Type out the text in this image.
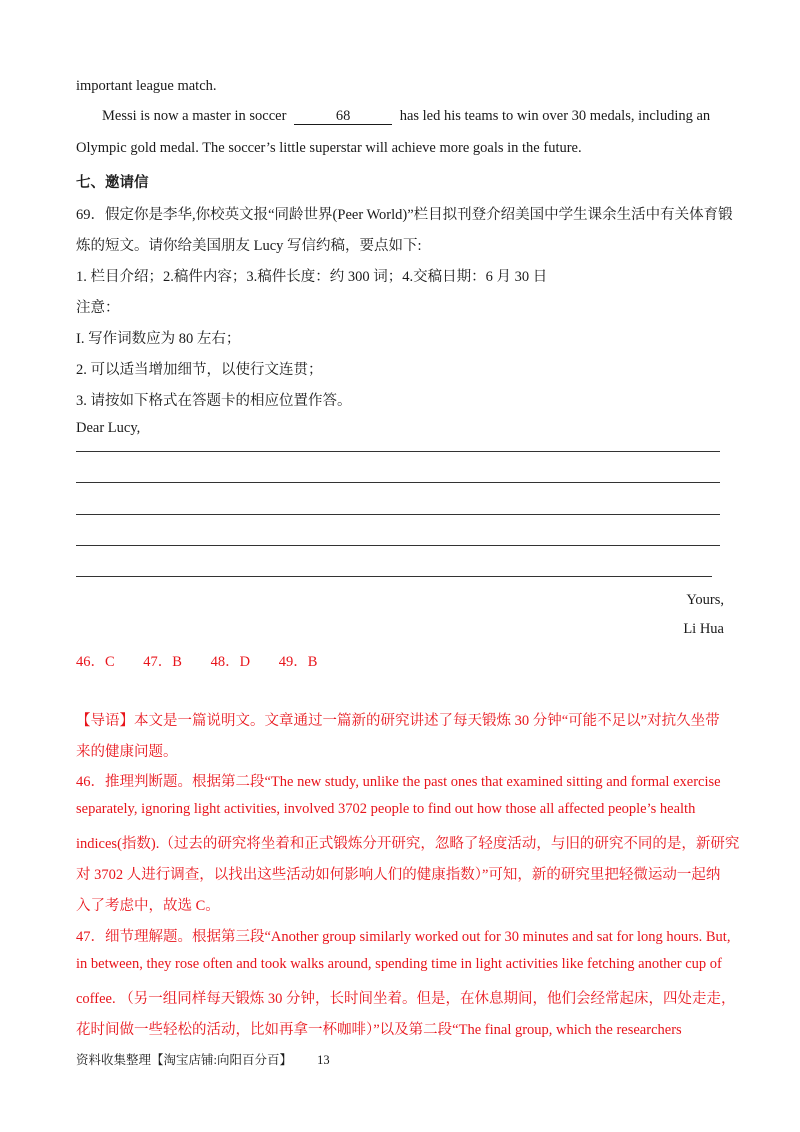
important league match.
Messi is now a master in soccer	68	has led his teams to win over 30 medals, including an
Olympic gold medal. The soccer’s little superstar will achieve more goals in the future.
七、邀请信
69．假定你是李华,你校英文报“同龄世界(Peer World)”栏目拟刊登介绍美国中学生课余生活中有关体育锻
炼的短文。请你给美国朋友 Lucy 写信约稿，要点如下:
1. 栏目介绍；2.稿件内容；3.稿件长度：约 300 词；4.交稿日期：6 月 30 日
注意：
I. 写作词数应为 80 左右；
2. 可以适当增加细节，以使行文连贯；
3. 请按如下格式在答题卡的相应位置作答。
Dear Lucy,
Yours,
Li Hua
46．C 47．B 48．D 49．B
【导语】本文是一篇说明文。文章通过一篇新的研究讲述了每天锻炼 30 分钟“可能不足以”对抗久坐带
来的健康问题。
46．推理判断题。根据第二段“The new study, unlike the past ones that examined sitting and formal exercise
separately, ignoring light activities, involved 3702 people to find out how those all affected people’s health
indices(指数).（过去的研究将坐着和正式锻炼分开研究，忽略了轻度活动，与旧的研究不同的是，新研究
对 3702 人进行调查，以找出这些活动如何影响人们的健康指数）”可知，新的研究里把轻微运动一起纳
入了考虑中，故选 C。
47．细节理解题。根据第三段“Another group similarly worked out for 30 minutes and sat for long hours. But,
in between, they rose often and took walks around, spending time in light activities like fetching another cup of
coffee. （另一组同样每天锻炼 30 分钟，长时间坐着。但是，在休息期间，他们会经常起床，四处走走，
花时间做一些轻松的活动，比如再拿一杯咖啡）”以及第二段“The final group, which the researchers
资料收集整理【淘宝店铺:向阳百分百】 13
